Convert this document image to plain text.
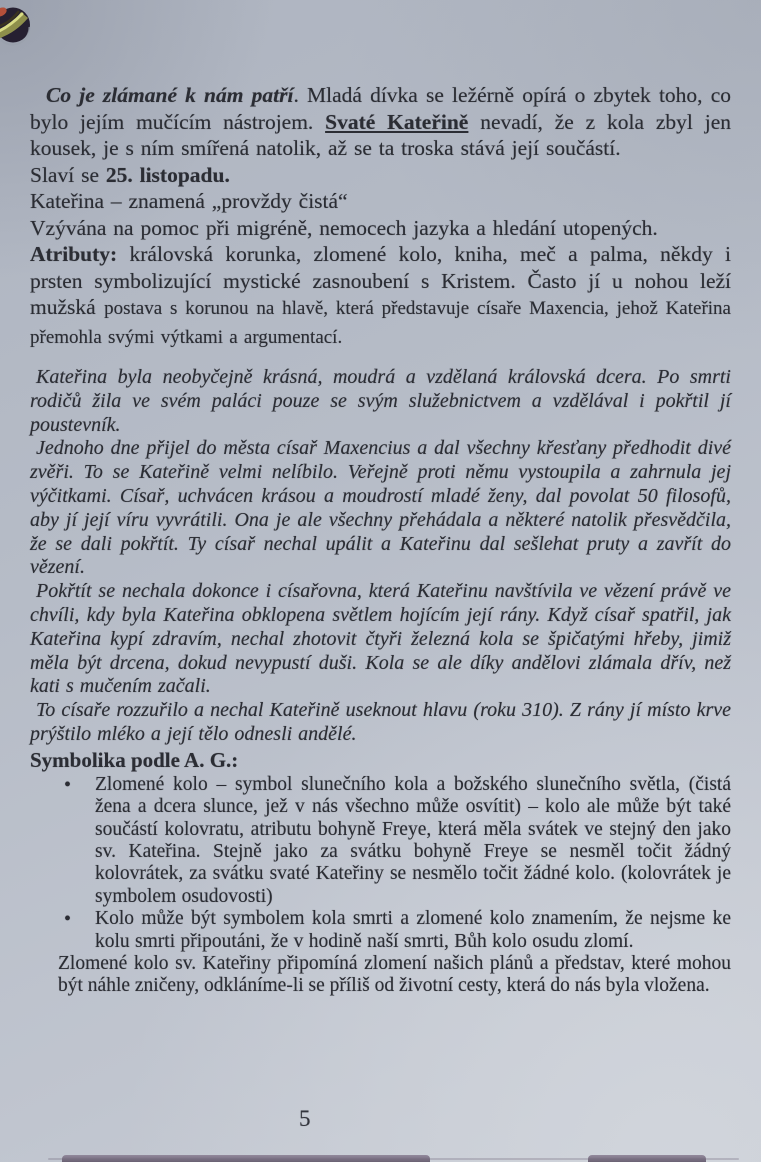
Co je zlámané k nám patří. Mladá dívka se ležérně opírá o zbytek toho, co bylo jejím mučícím nástrojem. Svaté Kateřině nevadí, že z kola zbyl jen kousek, je s ním smířená natolik, až se ta troska stává její součástí.

Slaví se 25. listopadu.

Kateřina – znamená „provždy čistá“

Vzývána na pomoc při migréně, nemocech jazyka a hledání utopených.

Atributy: královská korunka, zlomené kolo, kniha, meč a palma, někdy i prsten symbolizující mystické zasnoubení s Kristem. Často jí u nohou leží mužská postava s korunou na hlavě, která představuje císaře Maxencia, jehož Kateřina přemohla svými výtkami a argumentací.

Kateřina byla neobyčejně krásná, moudrá a vzdělaná královská dcera. Po smrti rodičů žila ve svém paláci pouze se svým služebnictvem a vzdělával i pokřtil jí poustevník.

Jednoho dne přijel do města císař Maxencius a dal všechny křesťany předhodit divé zvěři. To se Kateřině velmi nelíbilo. Veřejně proti němu vystoupila a zahrnula jej výčitkami. Císař, uchvácen krásou a moudrostí mladé ženy, dal povolat 50 filosofů, aby jí její víru vyvrátili. Ona je ale všechny přehádala a některé natolik přesvědčila, že se dali pokřtít. Ty císař nechal upálit a Kateřinu dal sešlehat pruty a zavřít do vězení.

Pokřtít se nechala dokonce i císařovna, která Kateřinu navštívila ve vězení právě ve chvíli, kdy byla Kateřina obklopena světlem hojícím její rány. Když císař spatřil, jak Kateřina kypí zdravím, nechal zhotovit čtyři železná kola se špičatými hřeby, jimiž měla být drcena, dokud nevypustí duši. Kola se ale díky andělovi zlámala dřív, než kati s mučením začali.

To císaře rozzuřilo a nechal Kateřině useknout hlavu (roku 310). Z rány jí místo krve prýštilo mléko a její tělo odnesli andělé.

Symbolika podle A. G.:

• Zlomené kolo – symbol slunečního kola a božského slunečního světla, (čistá žena a dcera slunce, jež v nás všechno může osvítit) – kolo ale může být také součástí kolovratu, atributu bohyně Freye, která měla svátek ve stejný den jako sv. Kateřina. Stejně jako za svátku bohyně Freye se nesměl točit žádný kolovrátek, za svátku svaté Kateřiny se nesmělo točit žádné kolo. (kolovrátek je symbolem osudovosti)
• Kolo může být symbolem kola smrti a zlomené kolo znamením, že nejsme ke kolu smrti připoutáni, že v hodině naší smrti, Bůh kolo osudu zlomí.

Zlomené kolo sv. Kateřiny připomíná zlomení našich plánů a představ, které mohou být náhle zničeny, odkláníme-li se příliš od životní cesty, která do nás byla vložena.

5
